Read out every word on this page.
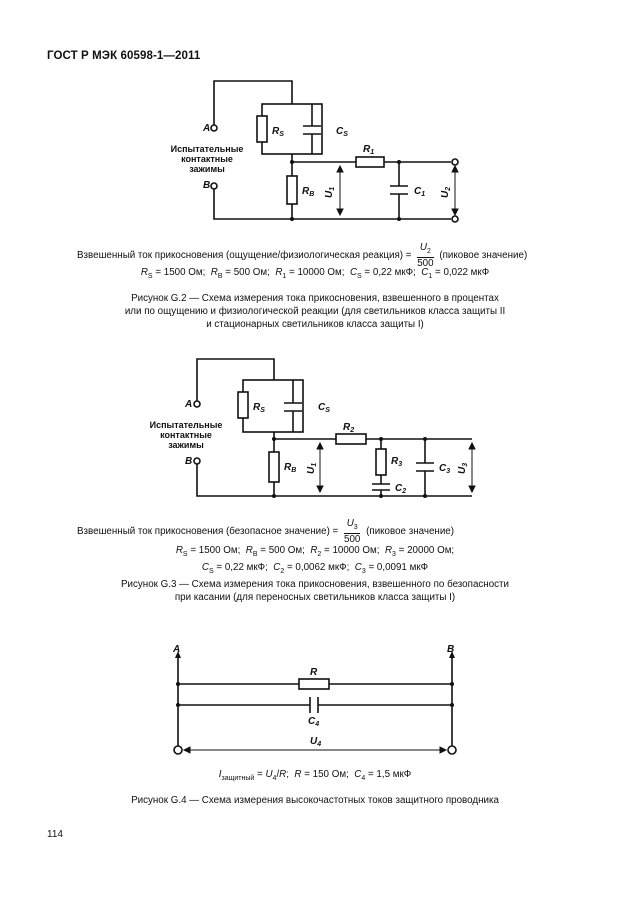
ГОСТ Р МЭК 60598-1—2011
A
B
$R_S$	$C_S$
$R_1$
$R_B$	$C_1$
$U_1$
$U_2$
Испытательные
контактные
зажимы
A
B
$R_S$	$C_S$
$R_2$
$R_B$
$R_3$
$C_2$
$C_3$
$U_1$
$U_3$
Испытательные
контактные
зажимы
A	B
R
$C_4$
$U_4$
Взвешенный ток прикосновения (ощущение/физиологическая реакция) = $\frac{U_2}{500}$ (пиковое значение)
$R_S = 1500$ Ом;  $R_B = 500$ Ом;  $R_1 = 10000$ Ом;  $C_S = 0,22$ мкФ;  $C_1 = 0,022$ мкФ
Рисунок G.2 — Схема измерения тока прикосновения, взвешенного в процентах
или по ощущению и физиологической реакции (для светильников класса защиты II
и стационарных светильников класса защиты I)
Взвешенный ток прикосновения (безопасное значение) = $\frac{U_3}{500}$ (пиковое значение)
$R_S = 1500$ Ом;  $R_B = 500$ Ом;  $R_2 = 10000$ Ом;  $R_3 = 20000$ Ом;
$C_S = 0,22$ мкФ;  $C_2 = 0,0062$ мкФ;  $C_3 = 0,0091$ мкФ
Рисунок G.3 — Схема измерения тока прикосновения, взвешенного по безопасности
при касании (для переносных светильников класса защиты I)
$I_{защитный} = U_4/R$;  R = 150 Ом;  $C_4 = 1,5$ мкФ
Рисунок G.4 — Схема измерения высокочастотных токов защитного проводника
114
